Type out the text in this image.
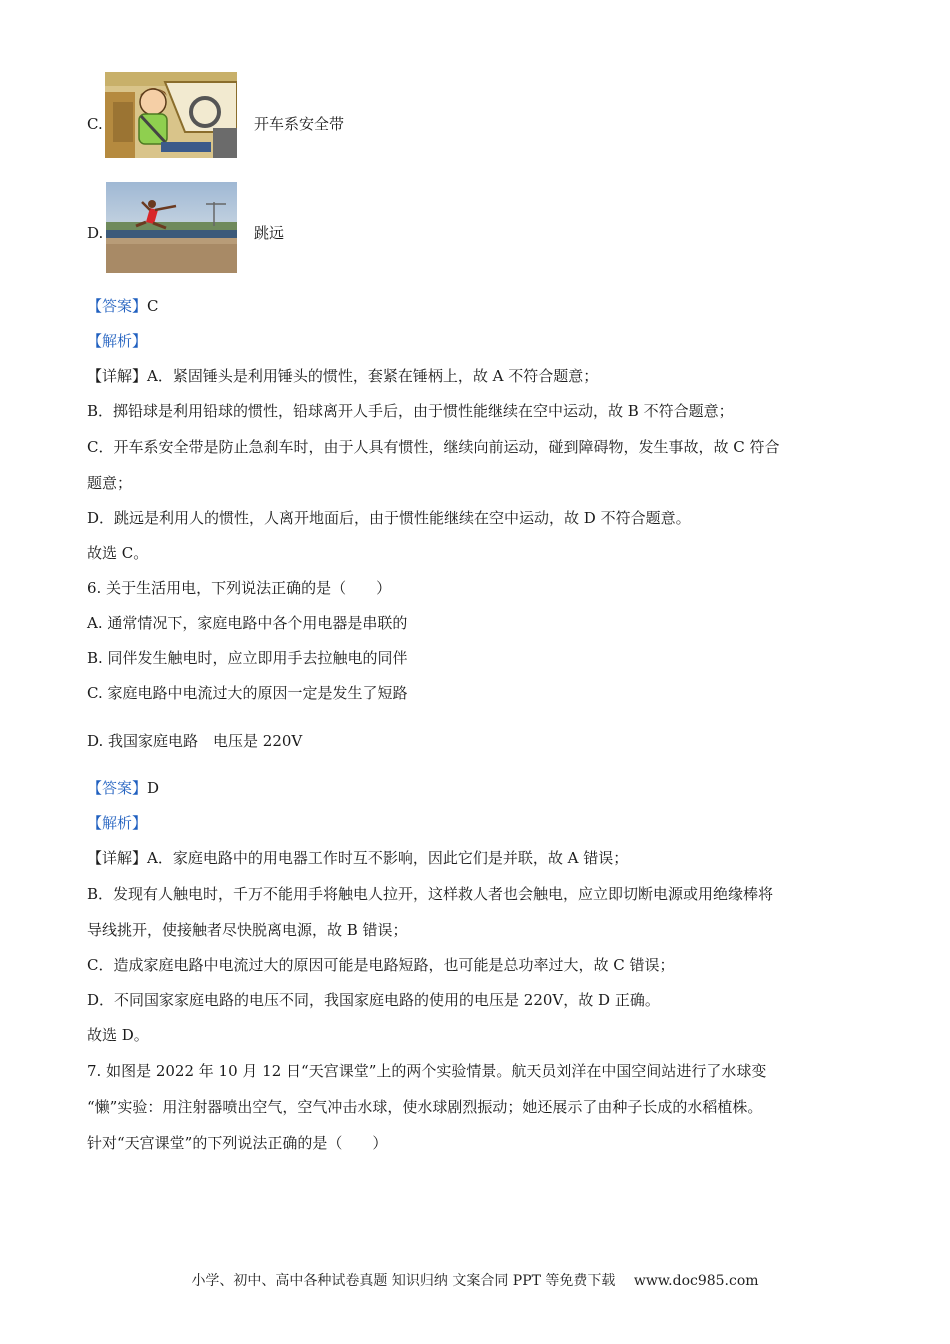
C.	开车系安全带
D.	跳远
【答案】C
【解析】
【详解】A．紧固锤头是利用锤头的惯性，套紧在锤柄上，故 A 不符合题意；
B．掷铅球是利用铅球的惯性，铅球离开人手后，由于惯性能继续在空中运动，故 B 不符合题意；
C．开车系安全带是防止急刹车时，由于人具有惯性，继续向前运动，碰到障碍物，发生事故，故 C 符合
题意；
D．跳远是利用人的惯性，人离开地面后，由于惯性能继续在空中运动，故 D 不符合题意。
故选 C。
6. 关于生活用电，下列说法正确的是（　　）
A. 通常情况下，家庭电路中各个用电器是串联的
B. 同伴发生触电时，应立即用手去拉触电的同伴
C. 家庭电路中电流过大的原因一定是发生了短路
D. 我国家庭电路　电压是 220V
【答案】D
【解析】
【详解】A．家庭电路中的用电器工作时互不影响，因此它们是并联，故 A 错误；
B．发现有人触电时，千万不能用手将触电人拉开，这样救人者也会触电，应立即切断电源或用绝缘棒将
导线挑开，使接触者尽快脱离电源，故 B 错误；
C．造成家庭电路中电流过大的原因可能是电路短路，也可能是总功率过大，故 C 错误；
D．不同国家家庭电路的电压不同，我国家庭电路的使用的电压是 220V，故 D 正确。
故选 D。
7. 如图是 2022 年 10 月 12 日“天宫课堂”上的两个实验情景。航天员刘洋在中国空间站进行了水球变
“懒”实验：用注射器喷出空气，空气冲击水球，使水球剧烈振动；她还展示了由种子长成的水稻植株。
针对“天宫课堂”的下列说法正确的是（　　）
小学、初中、高中各种试卷真题 知识归纳 文案合同 PPT 等免费下载　 www.doc985.com
